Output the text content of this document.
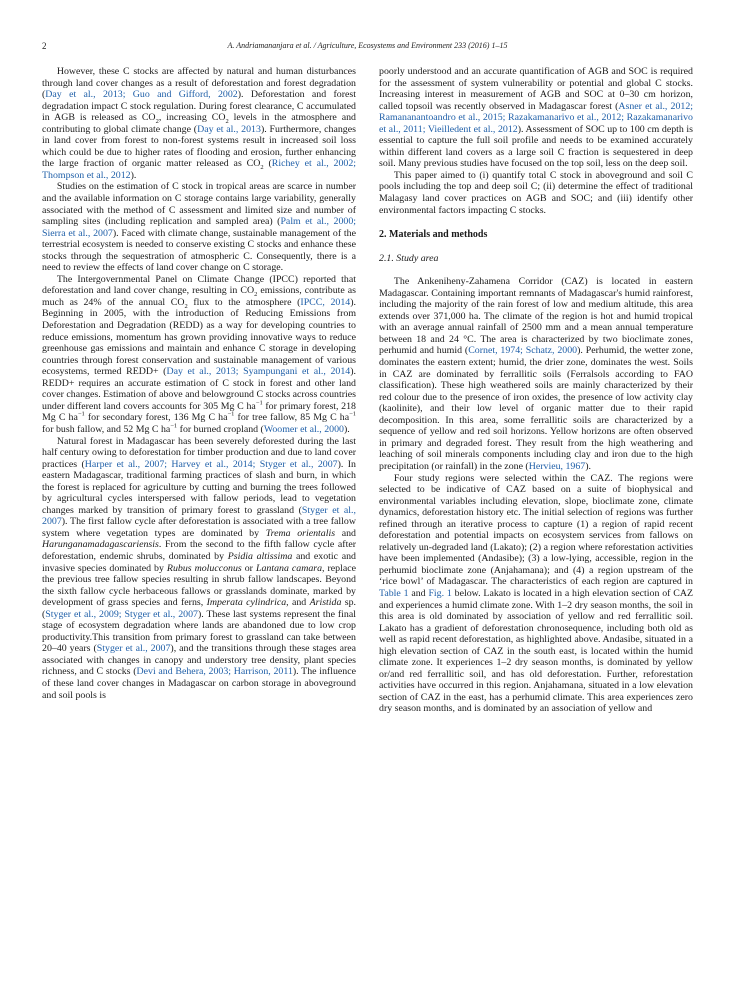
2	A. Andriamananjara et al. / Agriculture, Ecosystems and Environment 233 (2016) 1–15

However, these C stocks are affected by natural and human disturbances through land cover changes as a result of deforestation and forest degradation (Day et al., 2013; Guo and Gifford, 2002). Deforestation and forest degradation impact C stock regulation. During forest clearance, C accumulated in AGB is released as $CO_2$, increasing $CO_2$ levels in the atmosphere and contributing to global climate change (Day et al., 2013). Furthermore, changes in land cover from forest to non-forest systems result in increased soil loss which could be due to higher rates of flooding and erosion, further enhancing the large fraction of organic matter released as $CO_2$ (Richey et al., 2002; Thompson et al., 2012).

Studies on the estimation of C stock in tropical areas are scarce in number and the available information on C storage contains large variability, generally associated with the method of C assessment and limited size and number of sampling sites (including replication and sampled area) (Palm et al., 2000; Sierra et al., 2007). Faced with climate change, sustainable management of the terrestrial ecosystem is needed to conserve existing C stocks and enhance these stocks through the sequestration of atmospheric C. Consequently, there is a need to review the effects of land cover change on C storage.

The Intergovernmental Panel on Climate Change (IPCC) reported that deforestation and land cover change, resulting in $CO_2$ emissions, contribute as much as 24% of the annual $CO_2$ flux to the atmosphere (IPCC, 2014). Beginning in 2005, with the introduction of Reducing Emissions from Deforestation and Degradation (REDD) as a way for developing countries to reduce emissions, momentum has grown providing innovative ways to reduce greenhouse gas emissions and maintain and enhance C storage in developing countries through forest conservation and sustainable management of various ecosystems, termed REDD+ (Day et al., 2013; Syampungani et al., 2014). REDD+ requires an accurate estimation of C stock in forest and other land cover changes. Estimation of above and belowground C stocks across countries under different land covers accounts for 305 Mg C $ha^{-1}$ for primary forest, 218 Mg C $ha^{-1}$ for secondary forest, 136 Mg C $ha^{-1}$ for tree fallow, 85 Mg C $ha^{-1}$ for bush fallow, and 52 Mg C $ha^{-1}$ for burned cropland (Woomer et al., 2000).

Natural forest in Madagascar has been severely deforested during the last half century owing to deforestation for timber production and due to land cover practices (Harper et al., 2007; Harvey et al., 2014; Styger et al., 2007). In eastern Madagascar, traditional farming practices of slash and burn, in which the forest is replaced for agriculture by cutting and burning the trees followed by agricultural cycles interspersed with fallow periods, lead to vegetation changes marked by transition of primary forest to grassland (Styger et al., 2007). The first fallow cycle after deforestation is associated with a tree fallow system where vegetation types are dominated by Trema orientalis and Harunganamadagascariensis. From the second to the fifth fallow cycle after deforestation, endemic shrubs, dominated by Psidia altissima and exotic and invasive species dominated by Rubus molucconus or Lantana camara, replace the previous tree fallow species resulting in shrub fallow landscapes. Beyond the sixth fallow cycle herbaceous fallows or grasslands dominate, marked by development of grass species and ferns, Imperata cylindrica, and Aristida sp. (Styger et al., 2009; Styger et al., 2007). These last systems represent the final stage of ecosystem degradation where lands are abandoned due to low crop productivity.This transition from primary forest to grassland can take between 20–40 years (Styger et al., 2007), and the transitions through these stages area associated with changes in canopy and understory tree density, plant species richness, and C stocks (Devi and Behera, 2003; Harrison, 2011). The influence of these land cover changes in Madagascar on carbon storage in aboveground and soil pools is

poorly understood and an accurate quantification of AGB and SOC is required for the assessment of system vulnerability or potential and global C stocks. Increasing interest in measurement of AGB and SOC at 0–30 cm horizon, called topsoil was recently observed in Madagascar forest (Asner et al., 2012; Ramananantoandro et al., 2015; Razakamanarivo et al., 2012; Razakamanarivo et al., 2011; Vieilledent et al., 2012). Assessment of SOC up to 100 cm depth is essential to capture the full soil profile and needs to be examined accurately within different land covers as a large soil C fraction is sequestered in deep soil. Many previous studies have focused on the top soil, less on the deep soil.

This paper aimed to (i) quantify total C stock in aboveground and soil C pools including the top and deep soil C; (ii) determine the effect of traditional Malagasy land cover practices on AGB and SOC; and (iii) identify other environmental factors impacting C stocks.

2. Materials and methods
2.1. Study area

The Ankeniheny-Zahamena Corridor (CAZ) is located in eastern Madagascar. Containing important remnants of Madagascar's humid rainforest, including the majority of the rain forest of low and medium altitude, this area extends over 371,000 ha. The climate of the region is hot and humid tropical with an average annual rainfall of 2500 mm and a mean annual temperature between 18 and 24 °C. The area is characterized by two bioclimate zones, perhumid and humid (Cornet, 1974; Schatz, 2000). Perhumid, the wetter zone, dominates the eastern extent; humid, the drier zone, dominates the west. Soils in CAZ are dominated by ferrallitic soils (Ferralsols according to FAO classification). These high weathered soils are mainly characterized by their red colour due to the presence of iron oxides, the presence of low activity clay (kaolinite), and their low level of organic matter due to their rapid decomposition. In this area, some ferrallitic soils are characterized by a sequence of yellow and red soil horizons. Yellow horizons are often observed in primary and degraded forest. They result from the high weathering and leaching of soil minerals components including clay and iron due to the high precipitation (or rainfall) in the zone (Hervieu, 1967).

Four study regions were selected within the CAZ. The regions were selected to be indicative of CAZ based on a suite of biophysical and environmental variables including elevation, slope, bioclimate zone, climate dynamics, deforestation history etc. The initial selection of regions was further refined through an iterative process to capture (1) a region of rapid recent deforestation and potential impacts on ecosystem services from fallows on relatively un-degraded land (Lakato); (2) a region where reforestation activities have been implemented (Andasibe); (3) a low-lying, accessible, region in the perhumid bioclimate zone (Anjahamana); and (4) a region upstream of the ‘rice bowl’ of Madagascar. The characteristics of each region are captured in Table 1 and Fig. 1 below. Lakato is located in a high elevation section of CAZ and experiences a humid climate zone. With 1–2 dry season months, the soil in this area is old dominated by association of yellow and red ferrallitic soil. Lakato has a gradient of deforestation chronosequence, including both old as well as rapid recent deforestation, as highlighted above. Andasibe, situated in a high elevation section of CAZ in the south east, is located within the humid climate zone. It experiences 1–2 dry season months, is dominated by yellow or/and red ferrallitic soil, and has old deforestation. Further, reforestation activities have occurred in this region. Anjahamana, situated in a low elevation section of CAZ in the east, has a perhumid climate. This area experiences zero dry season months, and is dominated by an association of yellow and
